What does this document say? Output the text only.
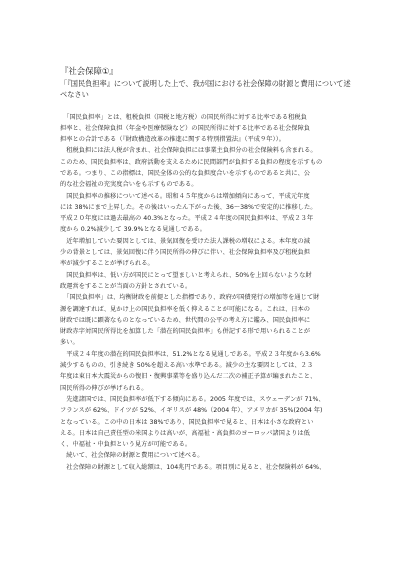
『社会保障①』
「『国民負担率』について説明した上で、我が国における社会保障の財源と費用について述
べなさい
　「国民負担率」とは、租税負担（国税と地方税）の国民所得に対する比率である租税負
担率と、社会保障負担（年金や医療保険など）の国民所得に対する比率である社会保障負
担率との合計である（『財政構造改革の推進に関する特別措置法』（平成９年））。
　租税負担には法人税が含まれ、社会保障負担には事業主負担分の社会保険料も含まれる。
このため、国民負担率は、政府活動を支えるために民間部門が負担する負担の程度を示すもの
である。つまり、この指標は、国民全体の公的な負担度合いを示すものであると共に、公
的な社会福祉の充実度合いをも示すものである。
　国民負担率の推移について述べる。昭和４５年度からは増加傾向にあって、平成元年度
には 38%にまで上昇した。その後はいったん下がった後、36～38%で安定的に推移した。
平成２０年度には過去最高の 40.3%となった。平成２４年度の国民負担率は、平成２３年
度から 0.2%減少して 39.9%となる見通しである。
　近年増加していた要因としては、景気回復を受けた法人課税の増収による。本年度の減
少の背景としては、景気回復に伴う国民所得の伸びに伴い、社会保障負担率及び租税負担
率が減少することが挙げられる。
　国民負担率は、低い方が国民にとって望ましいと考えられ、50%を上回らないような財
政運営をすることが当面の方針とされている。
　「国民負担率」は、均衡財政を前提とした指標であり、政府が国債発行の増加等を通じて財
源を調達すれば、見かけ上の国民負担率を低く抑えることが可能になる。これは、日本の
財政では既に顕著なものとなっているため、世代間の公平の考え方に鑑み、国民負担率に
財政赤字対国民所得比を加算した「潜在的国民負担率」も併記する形で用いられることが
多い。
　平成２４年度の潜在的国民負担率は、51.2%となる見通しである。平成２３年度から3.6%
減少するものの、引き続き 50%を超える高い水準である。減少の主な要因としては、２３
年度は東日本大震災からの復旧・復興事業等を盛り込んだ二次の補正予算が編まれたこと、
国民所得の伸びが挙げられる。
　先進諸国では、国民負担率が低下する傾向にある。2005 年度では、スウェーデンが 71%、
フランスが 62%、ドイツが 52%、イギリスが 48%（2004 年）、アメリカが 35%(2004 年)
となっている。この中の日本は 38%であり、国民負担率で見ると、日本は小さな政府とい
える。日本は自己責任型の米国よりは高いが、高福祉・高負担のヨーロッパ諸国よりは低
く、中福祉・中負担という見方が可能である。
　続いて、社会保障の財源と費用について述べる。
　社会保障の財源として収入総額は、104兆円である。項目別に見ると、社会保険料が 64%、
